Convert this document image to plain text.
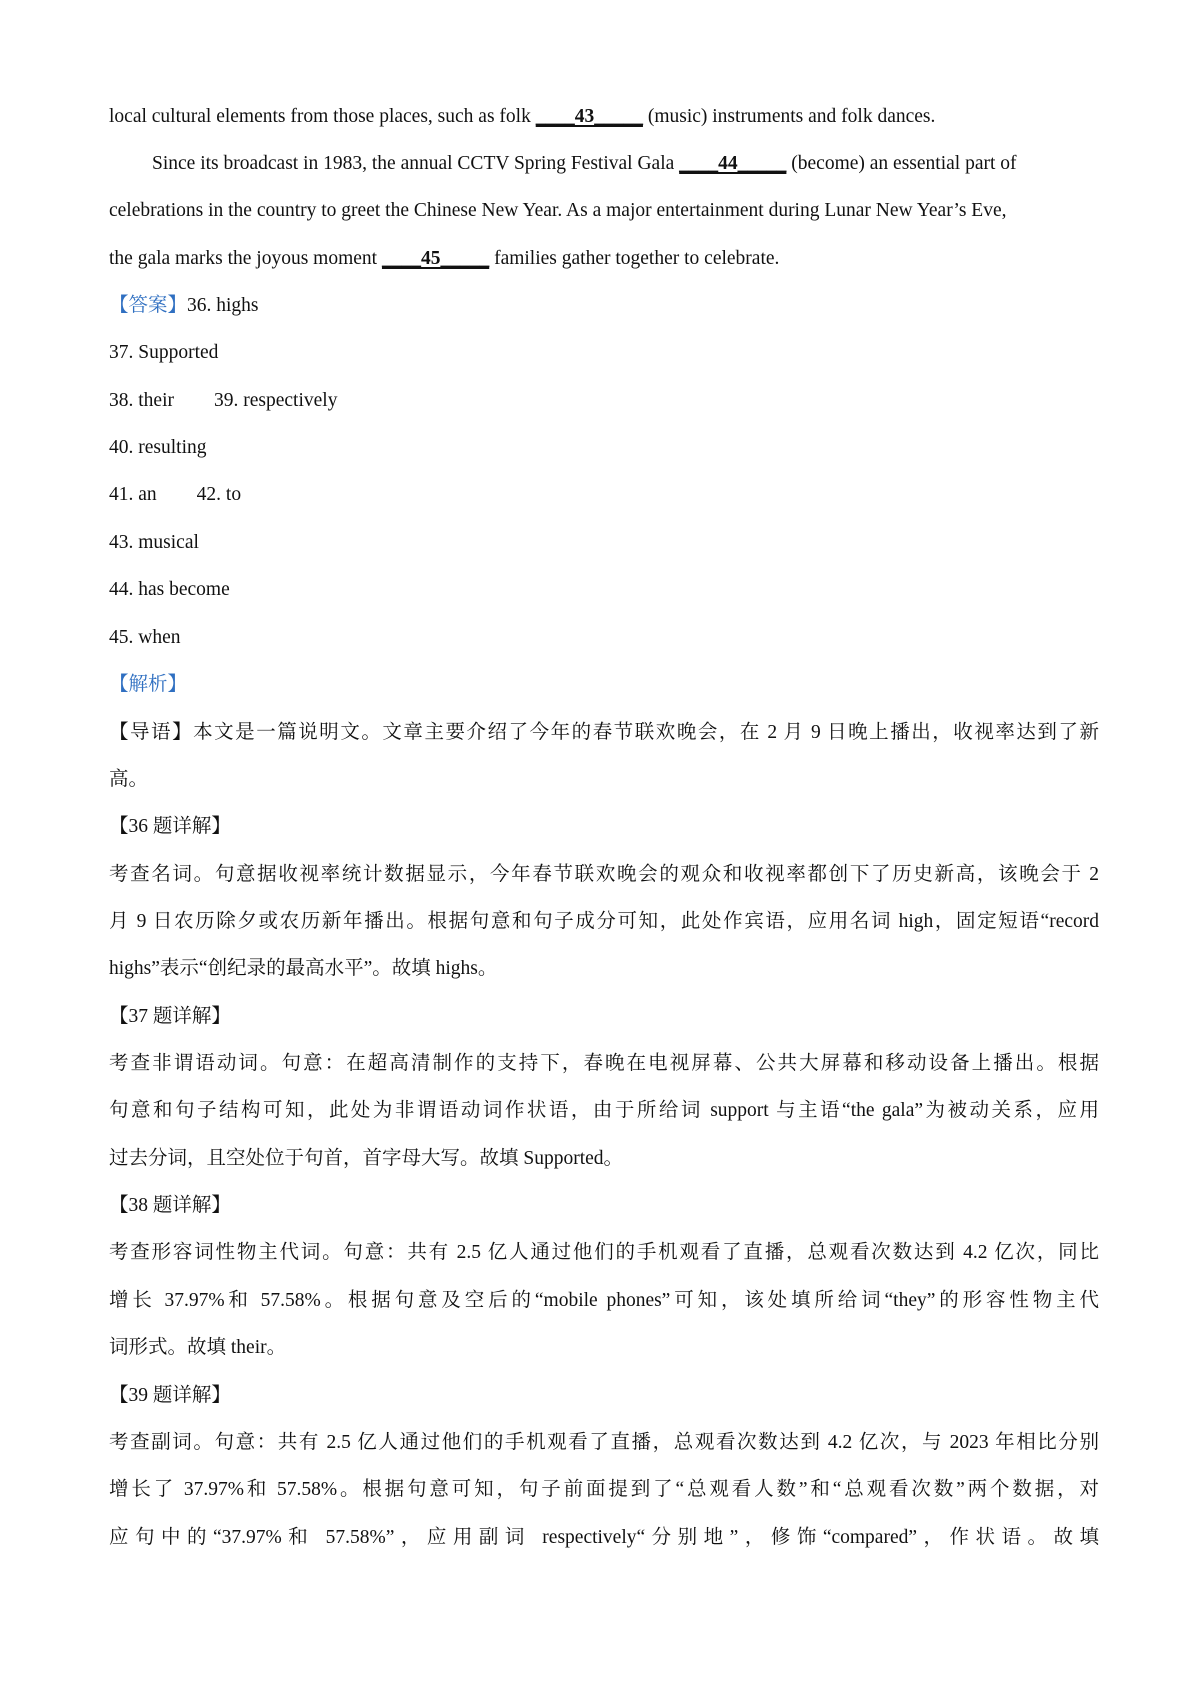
local cultural elements from those places, such as folk ____43_____ (music) instruments and folk dances.
Since its broadcast in 1983, the annual CCTV Spring Festival Gala ____44_____ (become) an essential part of
celebrations in the country to greet the Chinese New Year. As a major entertainment during Lunar New Year’s Eve,
the gala marks the joyous moment ____45_____ families gather together to celebrate.
【答案】36. highs
37. Supported
38. their 39. respectively
40. resulting
41. an 42. to
43. musical
44. has become
45. when
【解析】
【导语】本文是一篇说明文。文章主要介绍了今年的春节联欢晚会，在 2 月 9 日晚上播出，收视率达到了新
高。
【36 题详解】
考查名词。句意据收视率统计数据显示，今年春节联欢晚会的观众和收视率都创下了历史新高，该晚会于 2
月 9 日农历除夕或农历新年播出。根据句意和句子成分可知，此处作宾语，应用名词 high，固定短语“record
highs”表示“创纪录的最高水平”。故填 highs。
【37 题详解】
考查非谓语动词。句意：在超高清制作的支持下，春晚在电视屏幕、公共大屏幕和移动设备上播出。根据
句意和句子结构可知，此处为非谓语动词作状语，由于所给词 support 与主语“the gala”为被动关系，应用
过去分词，且空处位于句首，首字母大写。故填 Supported。
【38 题详解】
考查形容词性物主代词。句意：共有 2.5 亿人通过他们的手机观看了直播，总观看次数达到 4.2 亿次，同比
增长 37.97%和 57.58%。根据句意及空后的“mobile phones”可知，该处填所给词“they”的形容性物主代
词形式。故填 their。
【39 题详解】
考查副词。句意：共有 2.5 亿人通过他们的手机观看了直播，总观看次数达到 4.2 亿次，与 2023 年相比分别
增长了 37.97%和 57.58%。根据句意可知，句子前面提到了“总观看人数”和“总观看次数”两个数据，对
应句中的“37.97%和 57.58%”，应用副词 respectively“分别地”，修饰“compared”，作状语。故填
